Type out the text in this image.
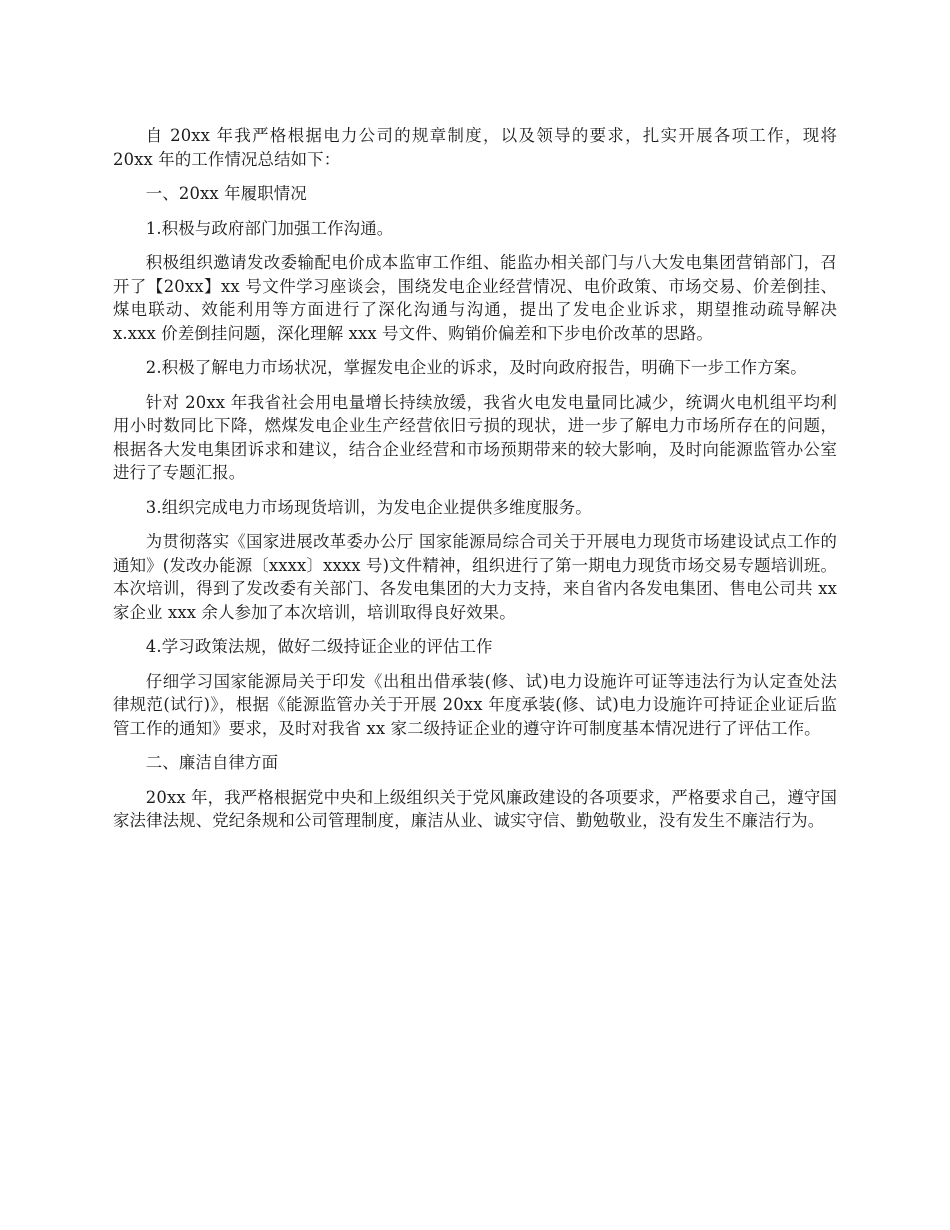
自 20xx 年我严格根据电力公司的规章制度，以及领导的要求，扎实开展各项工作，现将 20xx 年的工作情况总结如下：

一、20xx 年履职情况

1.积极与政府部门加强工作沟通。

积极组织邀请发改委输配电价成本监审工作组、能监办相关部门与八大发电集团营销部门，召开了【20xx】xx 号文件学习座谈会，围绕发电企业经营情况、电价政策、市场交易、价差倒挂、煤电联动、效能利用等方面进行了深化沟通与沟通，提出了发电企业诉求，期望推动疏导解决 x.xxx 价差倒挂问题，深化理解 xxx 号文件、购销价偏差和下步电价改革的思路。

2.积极了解电力市场状况，掌握发电企业的诉求，及时向政府报告，明确下一步工作方案。

针对 20xx 年我省社会用电量增长持续放缓，我省火电发电量同比减少，统调火电机组平均利用小时数同比下降，燃煤发电企业生产经营依旧亏损的现状，进一步了解电力市场所存在的问题，根据各大发电集团诉求和建议，结合企业经营和市场预期带来的较大影响，及时向能源监管办公室进行了专题汇报。

3.组织完成电力市场现货培训，为发电企业提供多维度服务。

为贯彻落实《国家进展改革委办公厅 国家能源局综合司关于开展电力现货市场建设试点工作的通知》(发改办能源〔xxxx〕xxxx 号)文件精神，组织进行了第一期电力现货市场交易专题培训班。本次培训，得到了发改委有关部门、各发电集团的大力支持，来自省内各发电集团、售电公司共 xx 家企业 xxx 余人参加了本次培训，培训取得良好效果。

4.学习政策法规，做好二级持证企业的评估工作

仔细学习国家能源局关于印发《出租出借承装(修、试)电力设施许可证等违法行为认定查处法律规范(试行)》，根据《能源监管办关于开展 20xx 年度承装(修、试)电力设施许可持证企业证后监管工作的通知》要求，及时对我省 xx 家二级持证企业的遵守许可制度基本情况进行了评估工作。

二、廉洁自律方面

20xx 年，我严格根据党中央和上级组织关于党风廉政建设的各项要求，严格要求自己，遵守国家法律法规、党纪条规和公司管理制度，廉洁从业、诚实守信、勤勉敬业，没有发生不廉洁行为。
